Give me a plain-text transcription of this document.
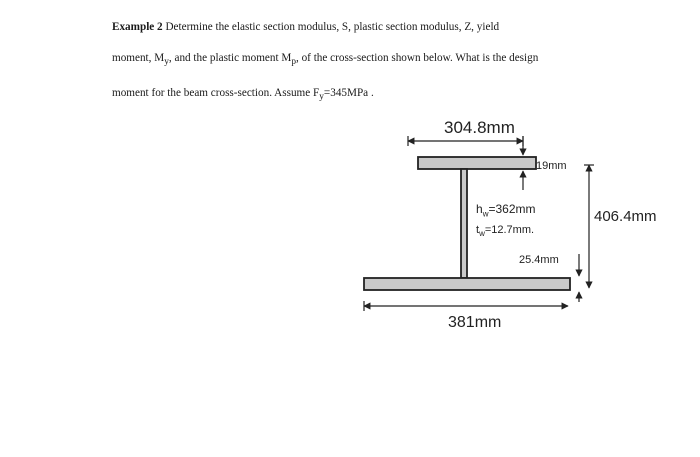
Example 2 Determine the elastic section modulus, S, plastic section modulus, Z, yield

moment, $M_y$, and the plastic moment $M_p$, of the cross-section shown below. What is the design

moment for the beam cross-section. Assume $F_y=345MPa$ .

304.8mm
19mm
$h_w=362mm$
$t_w=12.7mm$.
25.4mm
406.4mm
381mm
